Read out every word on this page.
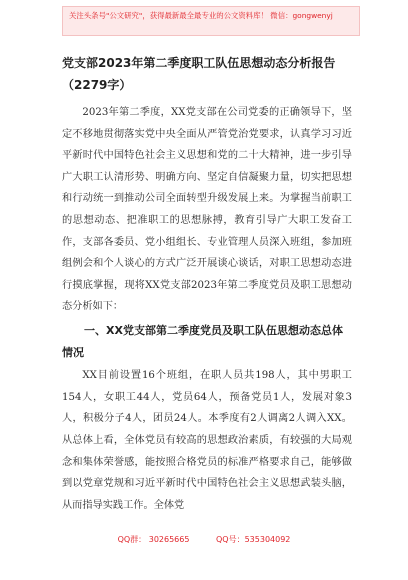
关注头条号"公文研究"，获得最新最全最专业的公文资料库！ 微信：gongwenyj
党支部2023年第二季度职工队伍思想动态分析报告（2279字）

2023年第二季度，XX党支部在公司党委的正确领导下，坚定不移地贯彻落实党中央全面从严管党治党要求，认真学习习近平新时代中国特色社会主义思想和党的二十大精神，进一步引导广大职工认清形势、明确方向、坚定自信凝聚力量，切实把思想和行动统一到推动公司全面转型升级发展上来。为掌握当前职工的思想动态、把准职工的思想脉搏，教育引导广大职工发奋工作，支部各委员、党小组组长、专业管理人员深入班组，参加班组例会和个人谈心的方式广泛开展谈心谈话，对职工思想动态进行摸底掌握，现将XX党支部2023年第二季度党员及职工思想动态分析如下：

一、XX党支部第二季度党员及职工队伍思想动态总体情况

XX目前设置16个班组，在职人员共198人，其中男职工154人，女职工44人，党员64人，预备党员1人，发展对象3人，积极分子4人，团员24人。本季度有2人调离2人调入XX。从总体上看，全体党员有较高的思想政治素质，有较强的大局观念和集体荣誉感，能按照合格党员的标准严格要求自己，能够做到以党章党规和习近平新时代中国特色社会主义思想武装头脑，从而指导实践工作。全体党

QQ群： 30265665	QQ号：535304092
